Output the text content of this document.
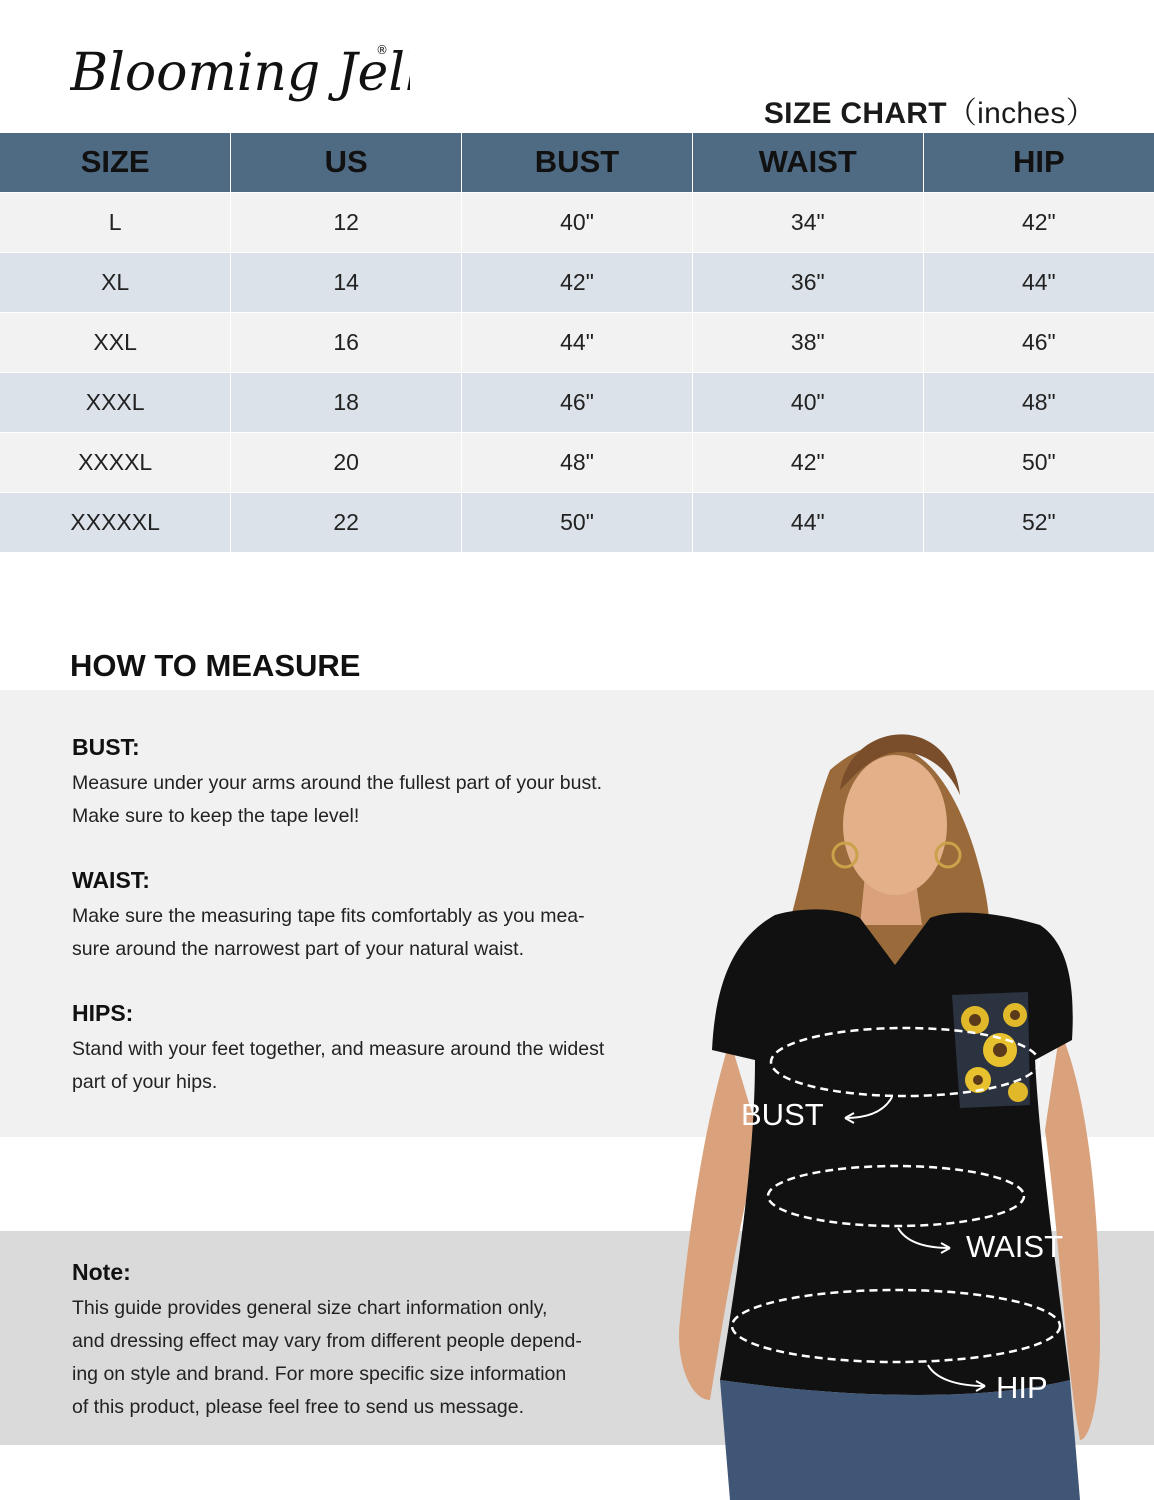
Blooming Jel
®
SIZE CHART（inches）
SIZE	US	BUST	WAIST	HIP
L	12	40"	34"	42"
XL	14	42"	36"	44"
XXL	16	44"	38"	46"
XXXL	18	46"	40"	48"
XXXXL	20	48"	42"	50"
XXXXXL	22	50"	44"	52"
HOW TO MEASURE
BUST:

Measure under your arms around the fullest part of your bust.

Make sure to keep the tape level!

WAIST:

Make sure the measuring tape fits comfortably as you mea-

sure around the narrowest part of your natural waist.

HIPS:

Stand with your feet together, and measure around the widest

part of your hips.

Note:

This guide provides general size chart information only,

and dressing effect may vary from different people depend-

ing on style and brand. For more specific size information

of this product, please feel free to send us message.

BUST
WAIST
HIP
